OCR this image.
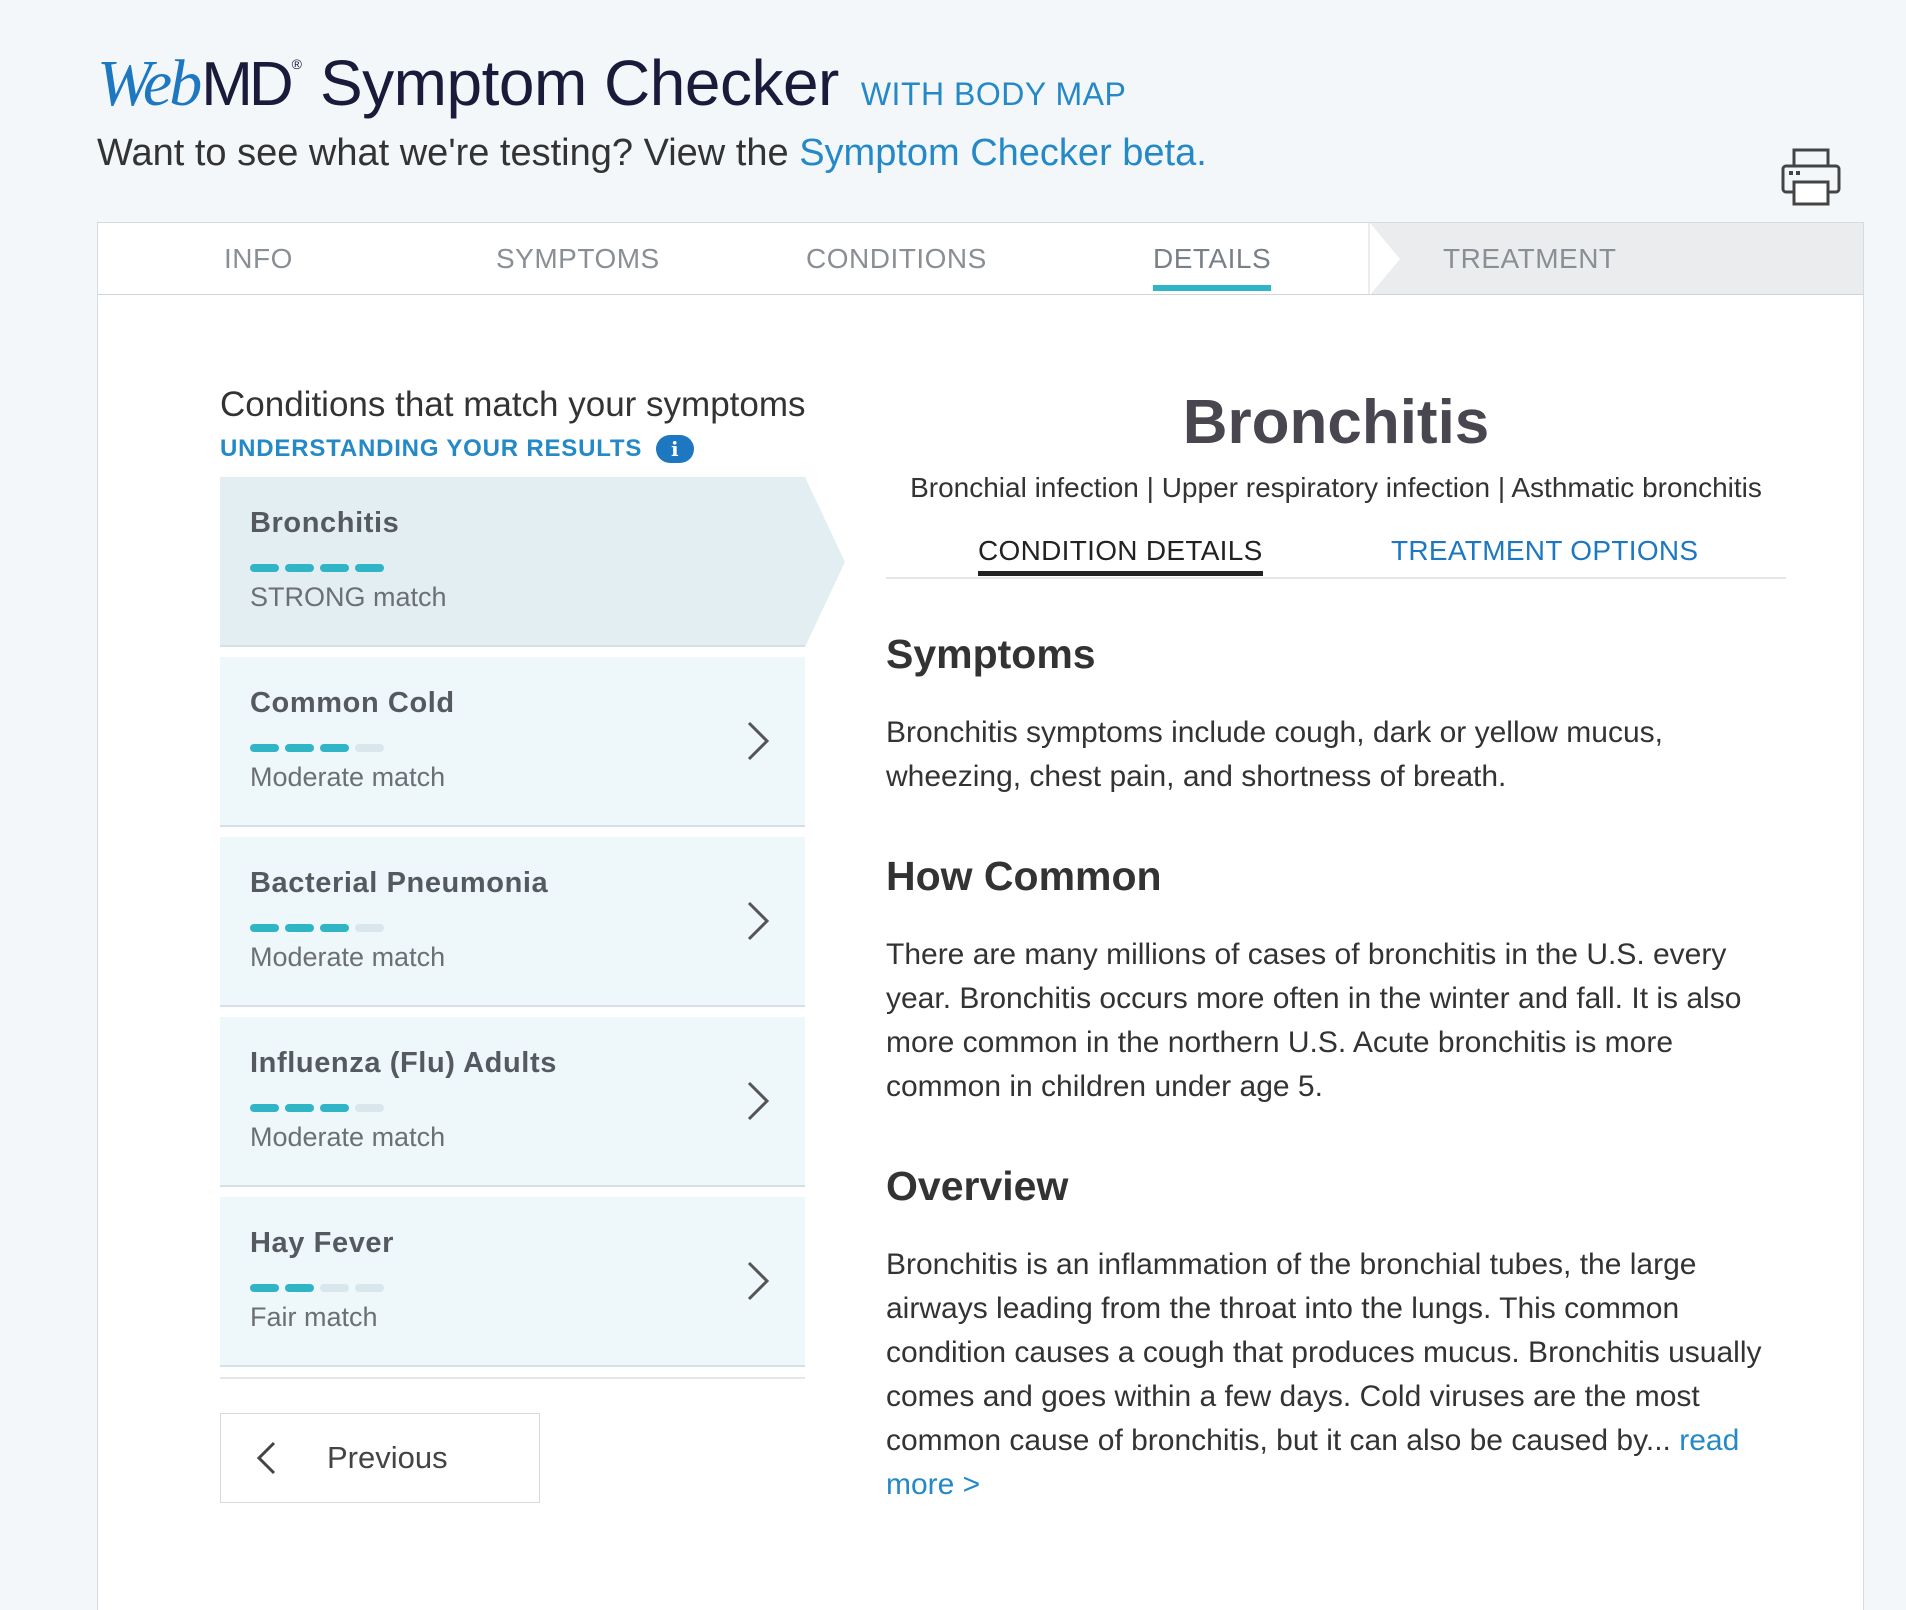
Web MD ® Symptom Checker WITH BODY MAP
Want to see what we're testing? View the Symptom Checker beta.
INFO	SYMPTOMS	CONDITIONS	DETAILS	TREATMENT
Conditions that match your symptoms
UNDERSTANDING YOUR RESULTS	i
Bronchitis
STRONG match
Common Cold
Moderate match
Bacterial Pneumonia
Moderate match
Influenza (Flu) Adults
Moderate match
Hay Fever
Fair match
Previous
Bronchitis
Bronchial infection | Upper respiratory infection | Asthmatic bronchitis
CONDITION DETAILS	TREATMENT OPTIONS
Symptoms
Bronchitis symptoms include cough, dark or yellow mucus, wheezing, chest pain, and shortness of breath.
How Common
There are many millions of cases of bronchitis in the U.S. every year. Bronchitis occurs more often in the winter and fall. It is also more common in the northern U.S. Acute bronchitis is more common in children under age 5.
Overview
Bronchitis is an inflammation of the bronchial tubes, the large airways leading from the throat into the lungs. This common condition causes a cough that produces mucus. Bronchitis usually comes and goes within a few days. Cold viruses are the most common cause of bronchitis, but it can also be caused by... read more >
